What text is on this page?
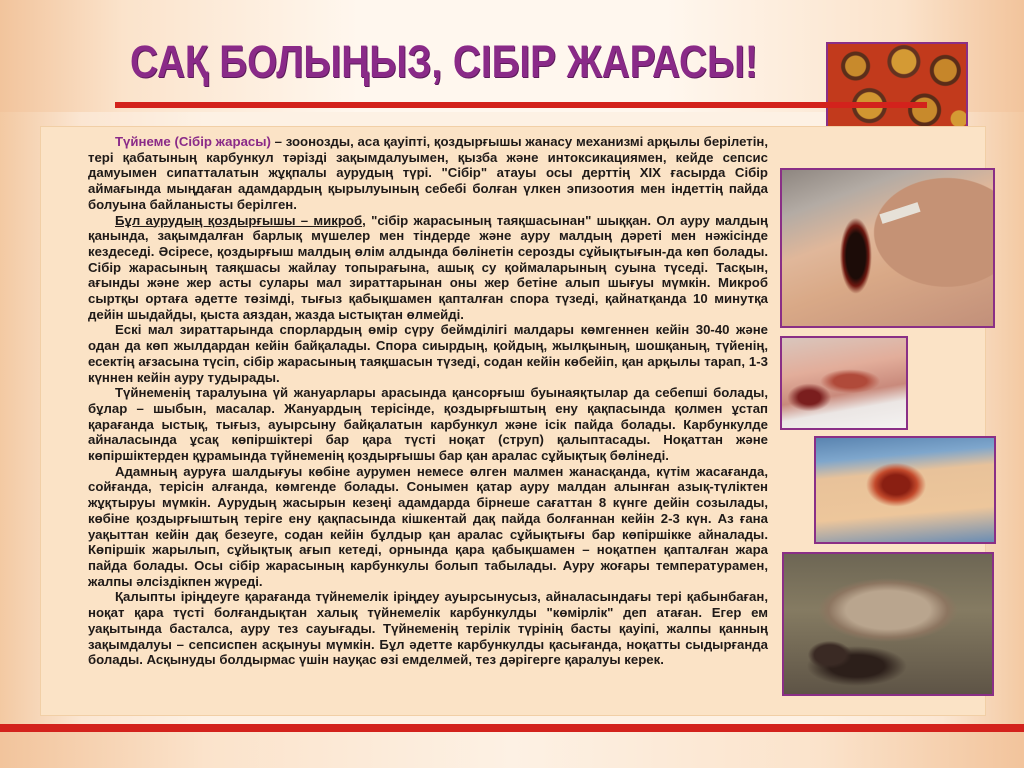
САҚ БОЛЫҢЫЗ, СІБІР ЖАРАСЫ!

Түйнеме (Сібір жарасы) – зоонозды, аса қауіпті, қоздырғышы жанасу механизмі арқылы берілетін, тері қабатының карбункул тәрізді зақымдалуымен, қызба және интоксикациямен, кейде сепсис дамуымен сипатталатын жұқпалы аурудың түрі. "Сібір" атауы осы дерттің XIX ғасырда Сібір аймағында мыңдаған адамдардың қырылуының себебі болған үлкен эпизоотия мен індеттің пайда болуына байланысты берілген.

Бұл аурудың қоздырғышы – микроб, "сібір жарасының таяқшасынан" шыққан. Ол ауру малдың қанында, зақымдалған барлық мүшелер мен тіндерде және ауру малдың дәреті мен нәжісінде кездеседі. Әсіресе, қоздырғыш малдың өлім алдында бөлінетін серозды сұйықтығын-да көп болады. Сібір жарасының таяқшасы жайлау топырағына, ашық су қоймаларының суына түседі. Тасқын, ағынды және жер асты сулары мал зираттарынан оны жер бетіне алып шығуы мүмкін. Микроб сыртқы ортаға әдетте төзімді, тығыз қабықшамен қапталған спора түзеді, қайнатқанда 10 минутқа дейін шыдайды, қыста аяздан, жазда ыстықтан өлмейді.

Ескі мал зираттарында спорлардың өмір сүру беймділігі малдары көмгеннен кейін 30-40 және одан да көп жылдардан кейін байқалады. Спора сиырдың, қойдың, жылқының, шошқаның, түйенің, есектің ағзасына түсіп, сібір жарасының таяқшасын түзеді, содан кейін көбейіп, қан арқылы тарап, 1-3 күннен кейін ауру тудырады.

Түйнеменің таралуына үй жануарлары арасында қансорғыш буынаяқтылар да себепші болады, бұлар – шыбын, масалар. Жануардың терісінде, қоздырғыштың ену қақпасында қолмен ұстап қарағанда ыстық, тығыз, ауырсыну байқалатын карбункул және ісік пайда болады. Карбункулде айналасында ұсақ көпіршіктері бар қара түсті ноқат (струп) қалыптасады. Ноқаттан және көпіршіктерден құрамында түйнеменің қоздырғышы бар қан аралас сұйықтық бөлінеді.

Адамның ауруға шалдығуы көбіне аурумен немесе өлген малмен жанасқанда, күтім жасағанда, сойғанда, терісін алғанда, көмгенде болады. Сонымен қатар ауру малдан алынған азық-түліктен жұқтыруы мүмкін. Аурудың жасырын кезеңі адамдарда бірнеше сағаттан 8 күнге дейін созылады, көбіне қоздырғыштың теріге ену қақпасында кішкентай дақ пайда болғаннан кейін 2-3 күн. Аз ғана уақыттан кейін дақ безеуге, содан кейін бұлдыр қан аралас сұйықтығы бар көпіршікке айналады. Көпіршік жарылып, сұйықтық ағып кетеді, орнында қара қабықшамен – ноқатпен қапталған жара пайда болады. Осы сібір жарасының карбункулы болып табылады. Ауру жоғары температурамен, жалпы әлсіздікпен жүреді.

Қалыпты іріңдеуге қарағанда түйнемелік іріңдеу ауырсынусыз, айналасындағы тері қабынбаған, ноқат қара түсті болғандықтан халық түйнемелік карбункулды "көмірлік" деп атаған. Егер ем уақытында басталса, ауру тез сауығады. Түйнеменің терілік түрінің басты қауіпі, жалпы қанның зақымдалуы – сепсиспен асқынуы мүмкін. Бұл әдетте карбункулды қасығанда, ноқатты сыдырғанда болады. Асқынуды болдырмас үшін науқас өзі емделмей, тез дәрігерге қаралуы керек.
